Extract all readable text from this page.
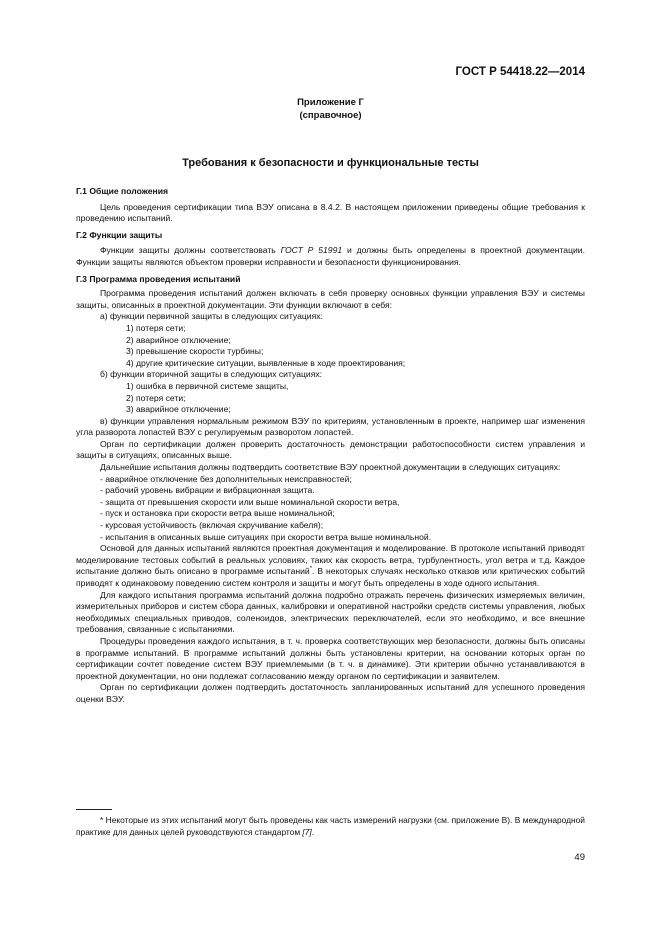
ГОСТ Р 54418.22—2014
Приложение Г
(справочное)
Требования к безопасности и функциональные тесты

Г.1 Общие положения

Цель проведения сертификации типа ВЭУ описана в 8.4.2. В настоящем приложении приведены общие требования к проведению испытаний.

Г.2 Функции защиты

Функции защиты должны соответствовать ГОСТ Р 51991 и должны быть определены в проектной документации. Функции защиты являются объектом проверки исправности и безопасности функционирования.

Г.3 Программа проведения испытаний

Программа проведения испытаний должен включать в себя проверку основных функции управления ВЭУ и системы защиты, описанных в проектной документации. Эти функции включают в себя:

а) функции первичной защиты в следующих ситуациях:

1) потеря сети;

2) аварийное отключение;

3) превышение скорости турбины;

4) другие критические ситуации, выявленные в ходе проектирования;

б) функции вторичной защиты в следующих ситуациях:

1) ошибка в первичной системе защиты,

2) потеря сети;

3) аварийное отключение;

в) функции управления нормальным режимом ВЭУ по критериям, установленным в проекте, например шаг изменения угла разворота лопастей ВЭУ с регулируемым разворотом лопастей.

Орган по сертификации должен проверить достаточность демонстрации работоспособности систем управления и защиты в ситуациях, описанных выше.

Дальнейшие испытания должны подтвердить соответствие ВЭУ проектной документации в следующих ситуациях:

- аварийное отключение без дополнительных неисправностей;

- рабочий уровень вибрации и вибрационная защита.

- защита от превышения скорости или выше номинальной скорости ветра,

- пуск и остановка при скорости ветра выше номинальной;

- курсовая устойчивость (включая скручивание кабеля);

- испытания в описанных выше ситуациях при скорости ветра выше номинальной.

Основой для данных испытаний являются проектная документация и моделирование. В протоколе испытаний приводят моделирование тестовых событий в реальных условиях, таких как скорость ветра, турбулентность, угол ветра и т.д. Каждое испытание должно быть описано в программе испытаний*. В некоторых случаях несколько отказов или критических событий приводят к одинаковому поведению систем контроля и защиты и могут быть определены в ходе одного испытания.

Для каждого испытания программа испытаний должна подробно отражать перечень физических измеряемых величин, измерительных приборов и систем сбора данных, калибровки и оперативной настройки средств системы управления, любых необходимых специальных приводов, соленоидов, электрических переключателей, если это необходимо, и все внешние требования, связанные с испытаниями.

Процедуры проведения каждого испытания, в т. ч. проверка соответствующих мер безопасности, должны быть описаны в программе испытаний. В программе испытаний должны быть установлены критерии, на основании которых орган по сертификации сочтет поведение систем ВЭУ приемлемыми (в т. ч. в динамике). Эти критерии обычно устанавливаются в проектной документации, но они подлежат согласованию между органом по сертификации и заявителем.

Орган по сертификации должен подтвердить достаточность запланированных испытаний для успешного проведения оценки ВЭУ.

* Некоторые из этих испытаний могут быть проведены как часть измерений нагрузки (см. приложение В). В международной практике для данных целей руководствуются стандартом [7].
49
